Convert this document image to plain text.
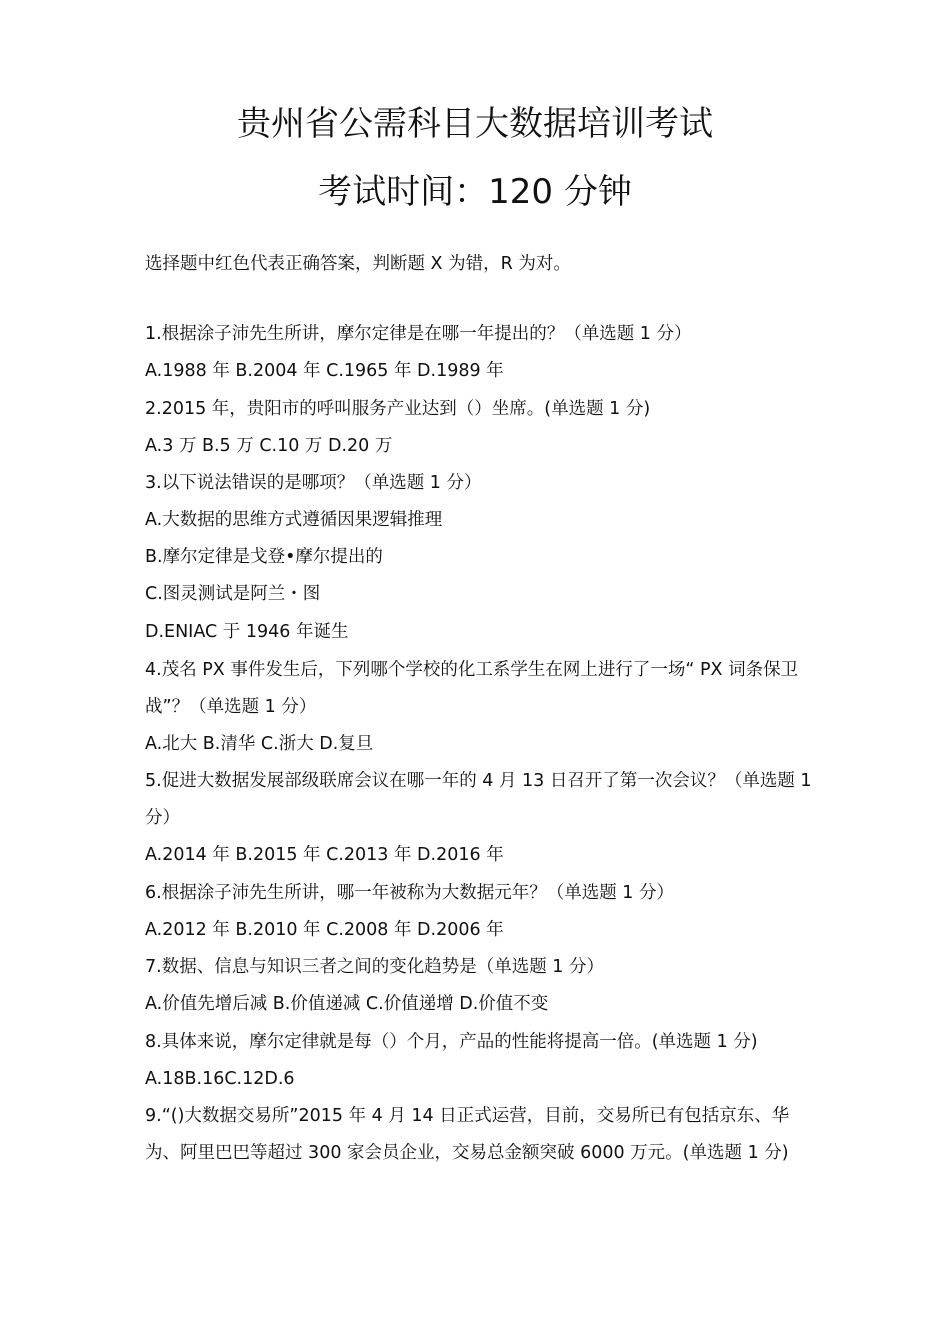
贵州省公需科目大数据培训考试
考试时间：120 分钟

选择题中红色代表正确答案，判断题 X 为错，R 为对。

1.根据涂子沛先生所讲，摩尔定律是在哪一年提出的？（单选题 1 分）

A.1988 年 B.2004 年 C.1965 年 D.1989 年

2.2015 年，贵阳市的呼叫服务产业达到（）坐席。(单选题 1 分)

A.3 万 B.5 万 C.10 万 D.20 万

3.以下说法错误的是哪项？（单选题 1 分）

A.大数据的思维方式遵循因果逻辑推理

B.摩尔定律是戈登•摩尔提出的

C.图灵测试是阿兰・图

D.ENIAC 于 1946 年诞生

4.茂名 PX 事件发生后，下列哪个学校的化工系学生在网上进行了一场“ PX 词条保卫战”？（单选题 1 分）

A.北大 B.清华 C.浙大 D.复旦

5.促进大数据发展部级联席会议在哪一年的 4 月 13 日召开了第一次会议？（单选题 1 分）

A.2014 年 B.2015 年 C.2013 年 D.2016 年

6.根据涂子沛先生所讲，哪一年被称为大数据元年？（单选题 1 分）

A.2012 年 B.2010 年 C.2008 年 D.2006 年

7.数据、信息与知识三者之间的变化趋势是（单选题 1 分）

A.价值先增后减 B.价值递减 C.价值递增 D.价值不变

8.具体来说，摩尔定律就是每（）个月，产品的性能将提高一倍。(单选题 1 分)

A.18B.16C.12D.6

9.“()大数据交易所”2015 年 4 月 14 日正式运营，目前，交易所已有包括京东、华为、阿里巴巴等超过 300 家会员企业，交易总金额突破 6000 万元。(单选题 1 分)
